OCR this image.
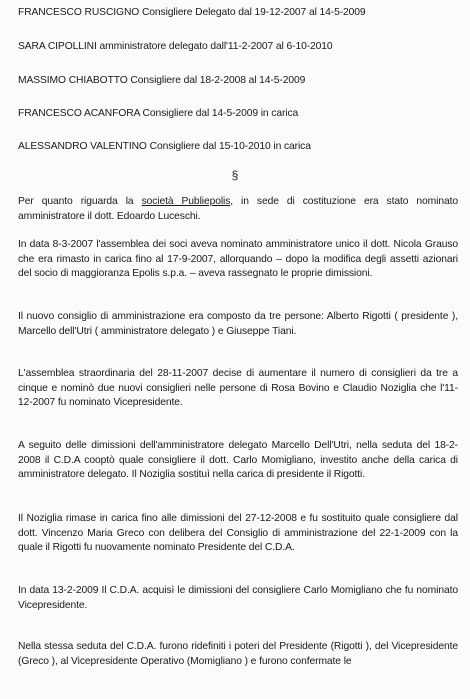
FRANCESCO RUSCIGNO Consigliere Delegato dal 19-12-2007 al 14-5-2009
SARA CIPOLLINI amministratore delegato dall'11-2-2007 al 6-10-2010
MASSIMO CHIABOTTO Consigliere dal 18-2-2008 al 14-5-2009
FRANCESCO ACANFORA Consigliere dal 14-5-2009 in carica
ALESSANDRO VALENTINO Consigliere dal 15-10-2010 in carica
§
Per quanto riguarda la società Publiepolis, in sede di costituzione era stato nominato amministratore il dott. Edoardo Luceschi.
In data 8-3-2007 l'assemblea dei soci aveva nominato amministratore unico il dott. Nicola Grauso che era rimasto in carica fino al 17-9-2007, allorquando – dopo la modifica degli assetti azionari del socio di maggioranza Epolis s.p.a. – aveva rassegnato le proprie dimissioni.
Il nuovo consiglio di amministrazione era composto da tre persone: Alberto Rigotti ( presidente ), Marcello dell'Utri ( amministratore delegato ) e Giuseppe Tiani.
L'assemblea straordinaria del 28-11-2007 decise di aumentare il numero di consiglieri da tre a cinque e nominò due nuovi consiglieri nelle persone di Rosa Bovino e Claudio Noziglia che l'11-12-2007 fu nominato Vicepresidente.
A seguito delle dimissioni dell'amministratore delegato Marcello Dell'Utri, nella seduta del 18-2-2008 il C.D.A cooptò quale consigliere il dott. Carlo Momigliano, investito anche della carica di amministratore delegato. Il Noziglia sostituì nella carica di presidente il Rigotti.
Il Noziglia rimase in carica fino alle dimissioni del 27-12-2008 e fu sostituito quale consigliere dal dott. Vincenzo Maria Greco con delibera del Consiglio di amministrazione del 22-1-2009 con la quale il Rigotti fu nuovamente nominato Presidente del C.D.A.
In data 13-2-2009 Il C.D.A. acquisì le dimissioni del consigliere Carlo Momigliano che fu nominato Vicepresidente.
Nella stessa seduta del C.D.A. furono ridefiniti i poteri del Presidente (Rigotti ), del Vicepresidente (Greco ), al Vicepresidente Operativo (Momigliano ) e furono confermate le
